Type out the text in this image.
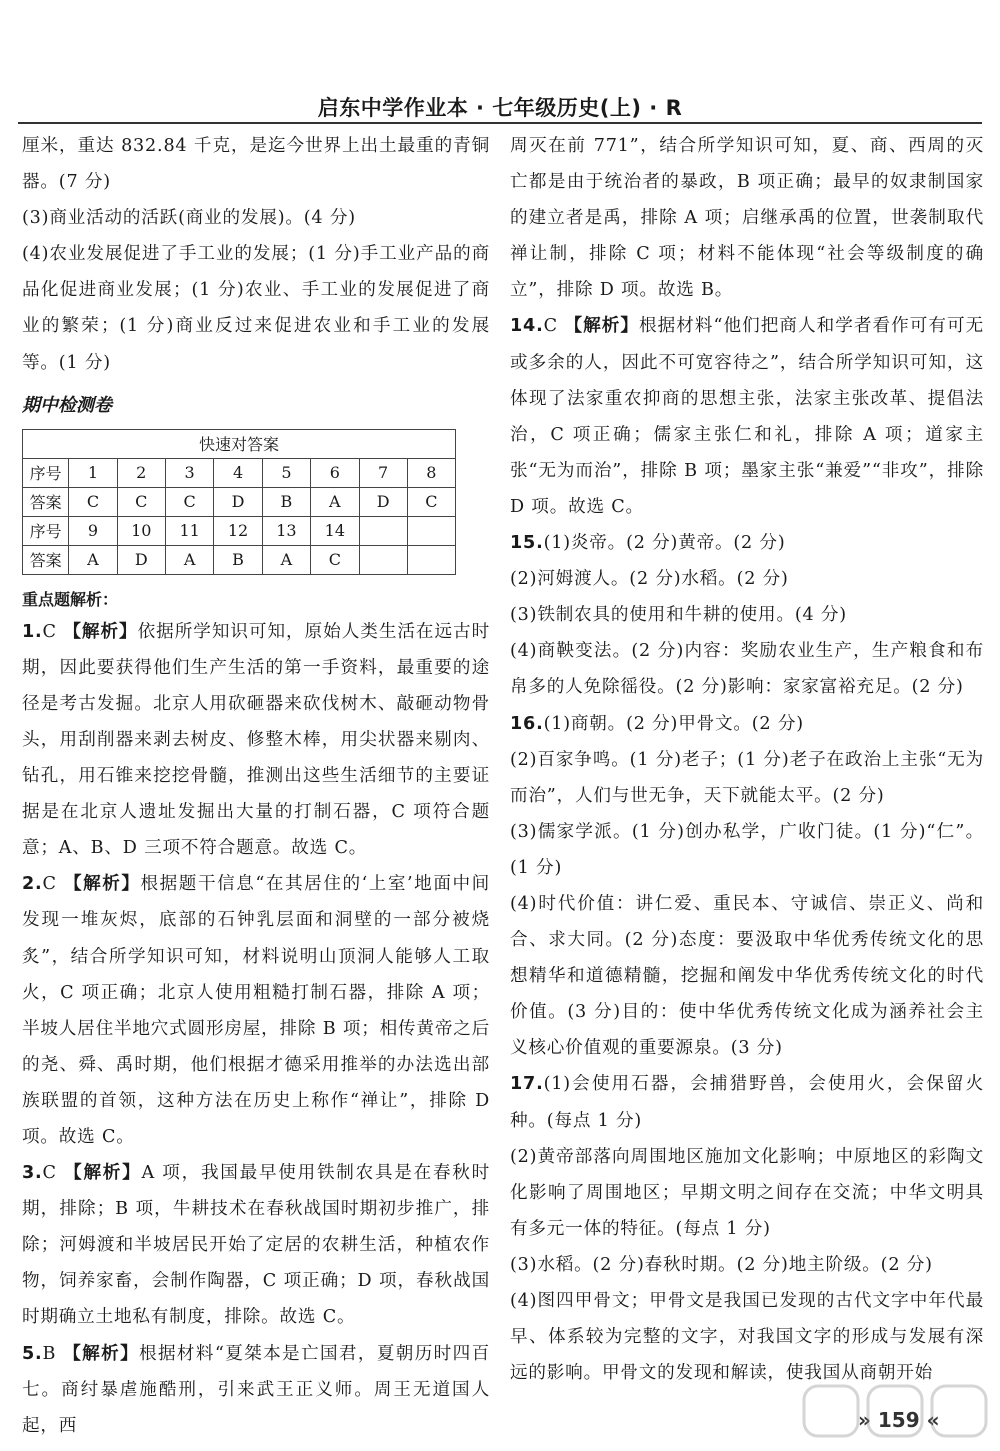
启东中学作业本 · 七年级历史(上) · R

厘米，重达 832.84 千克，是迄今世界上出土最重的青铜器。(7 分)

(3)商业活动的活跃(商业的发展)。(4 分)

(4)农业发展促进了手工业的发展；(1 分)手工业产品的商品化促进商业发展；(1 分)农业、手工业的发展促进了商业的繁荣；(1 分)商业反过来促进农业和手工业的发展等。(1 分)

期中检测卷
快速对答案								
序号	1	2	3	4	5	6	7	8
答案	C	C	C	D	B	A	D	C
序号	9	10	11	12	13	14		
答案	A	D	A	B	A	C		
重点题解析：

1.C 【解析】依据所学知识可知，原始人类生活在远古时期，因此要获得他们生产生活的第一手资料，最重要的途径是考古发掘。北京人用砍砸器来砍伐树木、敲砸动物骨头，用刮削器来剥去树皮、修整木棒，用尖状器来剔肉、钻孔，用石锥来挖挖骨髓，推测出这些生活细节的主要证据是在北京人遗址发掘出大量的打制石器，C 项符合题意；A、B、D 三项不符合题意。故选 C。

2.C 【解析】根据题干信息“在其居住的‘上室’地面中间发现一堆灰烬，底部的石钟乳层面和洞壁的一部分被烧炙”，结合所学知识可知，材料说明山顶洞人能够人工取火，C 项正确；北京人使用粗糙打制石器，排除 A 项；半坡人居住半地穴式圆形房屋，排除 B 项；相传黄帝之后的尧、舜、禹时期，他们根据才德采用推举的办法选出部族联盟的首领，这种方法在历史上称作“禅让”，排除 D 项。故选 C。

3.C 【解析】A 项，我国最早使用铁制农具是在春秋时期，排除；B 项，牛耕技术在春秋战国时期初步推广，排除；河姆渡和半坡居民开始了定居的农耕生活，种植农作物，饲养家畜，会制作陶器，C 项正确；D 项，春秋战国时期确立土地私有制度，排除。故选 C。

5.B 【解析】根据材料“夏桀本是亡国君，夏朝历时四百七。商纣暴虐施酷刑，引来武王正义师。周王无道国人起，西

周灭在前 771”，结合所学知识可知，夏、商、西周的灭亡都是由于统治者的暴政，B 项正确；最早的奴隶制国家的建立者是禹，排除 A 项；启继承禹的位置，世袭制取代禅让制，排除 C 项；材料不能体现“社会等级制度的确立”，排除 D 项。故选 B。

14.C 【解析】根据材料“他们把商人和学者看作可有可无或多余的人，因此不可宽容待之”，结合所学知识可知，这体现了法家重农抑商的思想主张，法家主张改革、提倡法治，C 项正确；儒家主张仁和礼，排除 A 项；道家主张“无为而治”，排除 B 项；墨家主张“兼爱”“非攻”，排除 D 项。故选 C。

15.(1)炎帝。(2 分)黄帝。(2 分)

(2)河姆渡人。(2 分)水稻。(2 分)

(3)铁制农具的使用和牛耕的使用。(4 分)

(4)商鞅变法。(2 分)内容：奖励农业生产，生产粮食和布帛多的人免除徭役。(2 分)影响：家家富裕充足。(2 分)

16.(1)商朝。(2 分)甲骨文。(2 分)

(2)百家争鸣。(1 分)老子；(1 分)老子在政治上主张“无为而治”，人们与世无争，天下就能太平。(2 分)

(3)儒家学派。(1 分)创办私学，广收门徒。(1 分)“仁”。(1 分)

(4)时代价值：讲仁爱、重民本、守诚信、崇正义、尚和合、求大同。(2 分)态度：要汲取中华优秀传统文化的思想精华和道德精髓，挖掘和阐发中华优秀传统文化的时代价值。(3 分)目的：使中华优秀传统文化成为涵养社会主义核心价值观的重要源泉。(3 分)

17.(1)会使用石器，会捕猎野兽，会使用火，会保留火种。(每点 1 分)

(2)黄帝部落向周围地区施加文化影响；中原地区的彩陶文化影响了周围地区；早期文明之间存在交流；中华文明具有多元一体的特征。(每点 1 分)

(3)水稻。(2 分)春秋时期。(2 分)地主阶级。(2 分)

(4)图四甲骨文；甲骨文是我国已发现的古代文字中年代最早、体系较为完整的文字，对我国文字的形成与发展有深远的影响。甲骨文的发现和解读，使我国从商朝开始

» 159 «
